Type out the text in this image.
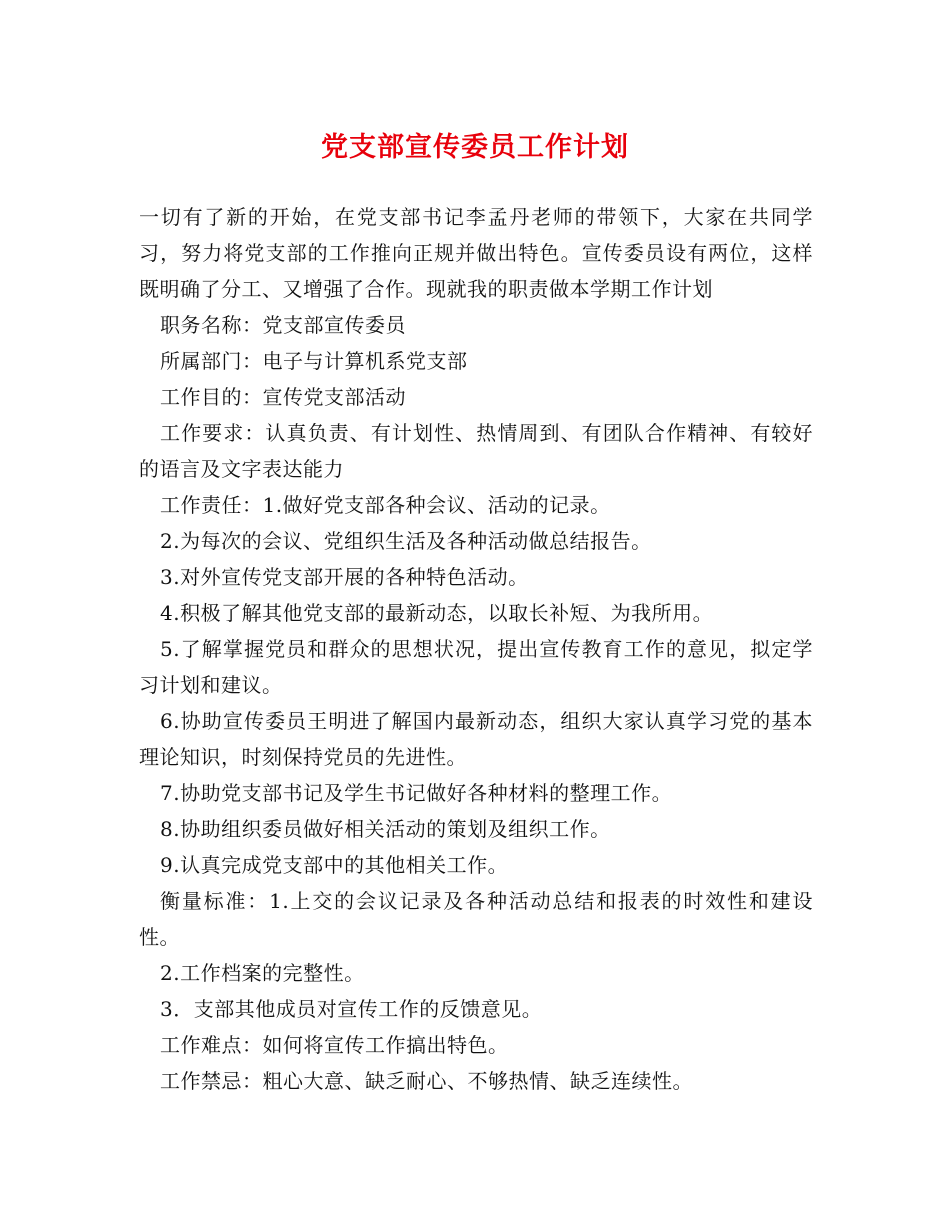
党支部宣传委员工作计划

一切有了新的开始，在党支部书记李孟丹老师的带领下，大家在共同学习，努力将党支部的工作推向正规并做出特色。宣传委员设有两位，这样既明确了分工、又增强了合作。现就我的职责做本学期工作计划

职务名称：党支部宣传委员

所属部门：电子与计算机系党支部

工作目的：宣传党支部活动

工作要求：认真负责、有计划性、热情周到、有团队合作精神、有较好的语言及文字表达能力

工作责任：1.做好党支部各种会议、活动的记录。

2.为每次的会议、党组织生活及各种活动做总结报告。

3.对外宣传党支部开展的各种特色活动。

4.积极了解其他党支部的最新动态，以取长补短、为我所用。

5.了解掌握党员和群众的思想状况，提出宣传教育工作的意见，拟定学习计划和建议。

6.协助宣传委员王明进了解国内最新动态，组织大家认真学习党的基本理论知识，时刻保持党员的先进性。

7.协助党支部书记及学生书记做好各种材料的整理工作。

8.协助组织委员做好相关活动的策划及组织工作。

9.认真完成党支部中的其他相关工作。

衡量标准：1.上交的会议记录及各种活动总结和报表的时效性和建设性。

2.工作档案的完整性。

3．支部其他成员对宣传工作的反馈意见。

工作难点：如何将宣传工作搞出特色。

工作禁忌：粗心大意、缺乏耐心、不够热情、缺乏连续性。
